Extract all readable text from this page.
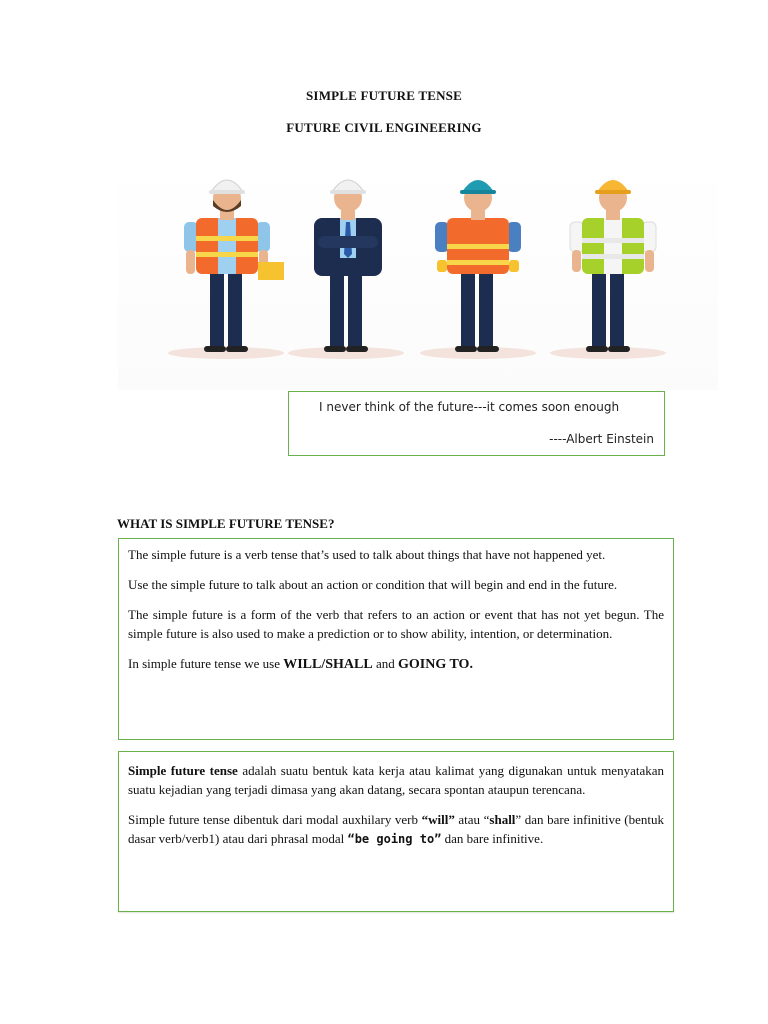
SIMPLE FUTURE TENSE
FUTURE CIVIL ENGINEERING
I never think of the future---it comes soon enough
----Albert Einstein
WHAT IS SIMPLE FUTURE TENSE?

The simple future is a verb tense that’s used to talk about things that have not happened yet.

Use the simple future to talk about an action or condition that will begin and end in the future.

The simple future is a form of the verb that refers to an action or event that has not yet begun. The simple future is also used to make a prediction or to show ability, intention, or determination.

In simple future tense we use WILL/SHALL and GOING TO.

Simple future tense adalah suatu bentuk kata kerja atau kalimat yang digunakan untuk menyatakan suatu kejadian yang terjadi dimasa yang akan datang, secara spontan ataupun terencana.

Simple future tense dibentuk dari modal auxhilary verb “will” atau “shall” dan bare infinitive (bentuk dasar verb/verb1) atau dari phrasal modal “be going to” dan bare infinitive.
